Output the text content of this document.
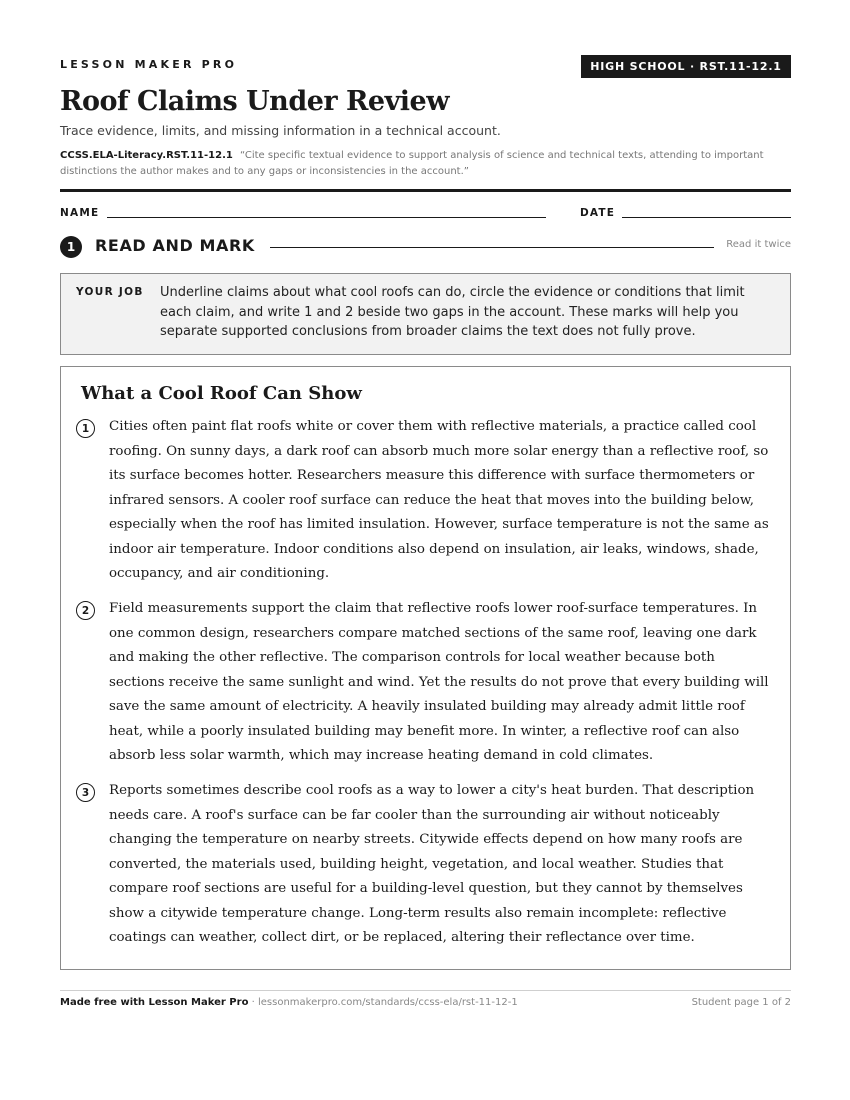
LESSON MAKER PRO	HIGH SCHOOL · RST.11-12.1
Roof Claims Under Review
Trace evidence, limits, and missing information in a technical account.
CCSS.ELA-Literacy.RST.11-12.1 “Cite specific textual evidence to support analysis of science and technical texts, attending to important distinctions the author makes and to any gaps or inconsistencies in the account.”
NAME	DATE
1	READ AND MARK	Read it twice
YOUR JOB Underline claims about what cool roofs can do, circle the evidence or conditions that limit each claim, and write 1 and 2 beside two gaps in the account. These marks will help you separate supported conclusions from broader claims the text does not fully prove.
What a Cool Roof Can Show
1	Cities often paint flat roofs white or cover them with reflective materials, a practice called cool roofing. On sunny days, a dark roof can absorb much more solar energy than a reflective roof, so its surface becomes hotter. Researchers measure this difference with surface thermometers or infrared sensors. A cooler roof surface can reduce the heat that moves into the building below, especially when the roof has limited insulation. However, surface temperature is not the same as indoor air temperature. Indoor conditions also depend on insulation, air leaks, windows, shade, occupancy, and air conditioning.

2	Field measurements support the claim that reflective roofs lower roof-surface temperatures. In one common design, researchers compare matched sections of the same roof, leaving one dark and making the other reflective. The comparison controls for local weather because both sections receive the same sunlight and wind. Yet the results do not prove that every building will save the same amount of electricity. A heavily insulated building may already admit little roof heat, while a poorly insulated building may benefit more. In winter, a reflective roof can also absorb less solar warmth, which may increase heating demand in cold climates.

3	Reports sometimes describe cool roofs as a way to lower a city's heat burden. That description needs care. A roof's surface can be far cooler than the surrounding air without noticeably changing the temperature on nearby streets. Citywide effects depend on how many roofs are converted, the materials used, building height, vegetation, and local weather. Studies that compare roof sections are useful for a building-level question, but they cannot by themselves show a citywide temperature change. Long-term results also remain incomplete: reflective coatings can weather, collect dirt, or be replaced, altering their reflectance over time.

Made free with Lesson Maker Pro · lessonmakerpro.com/standards/ccss-ela/rst-11-12-1	Student page 1 of 2
